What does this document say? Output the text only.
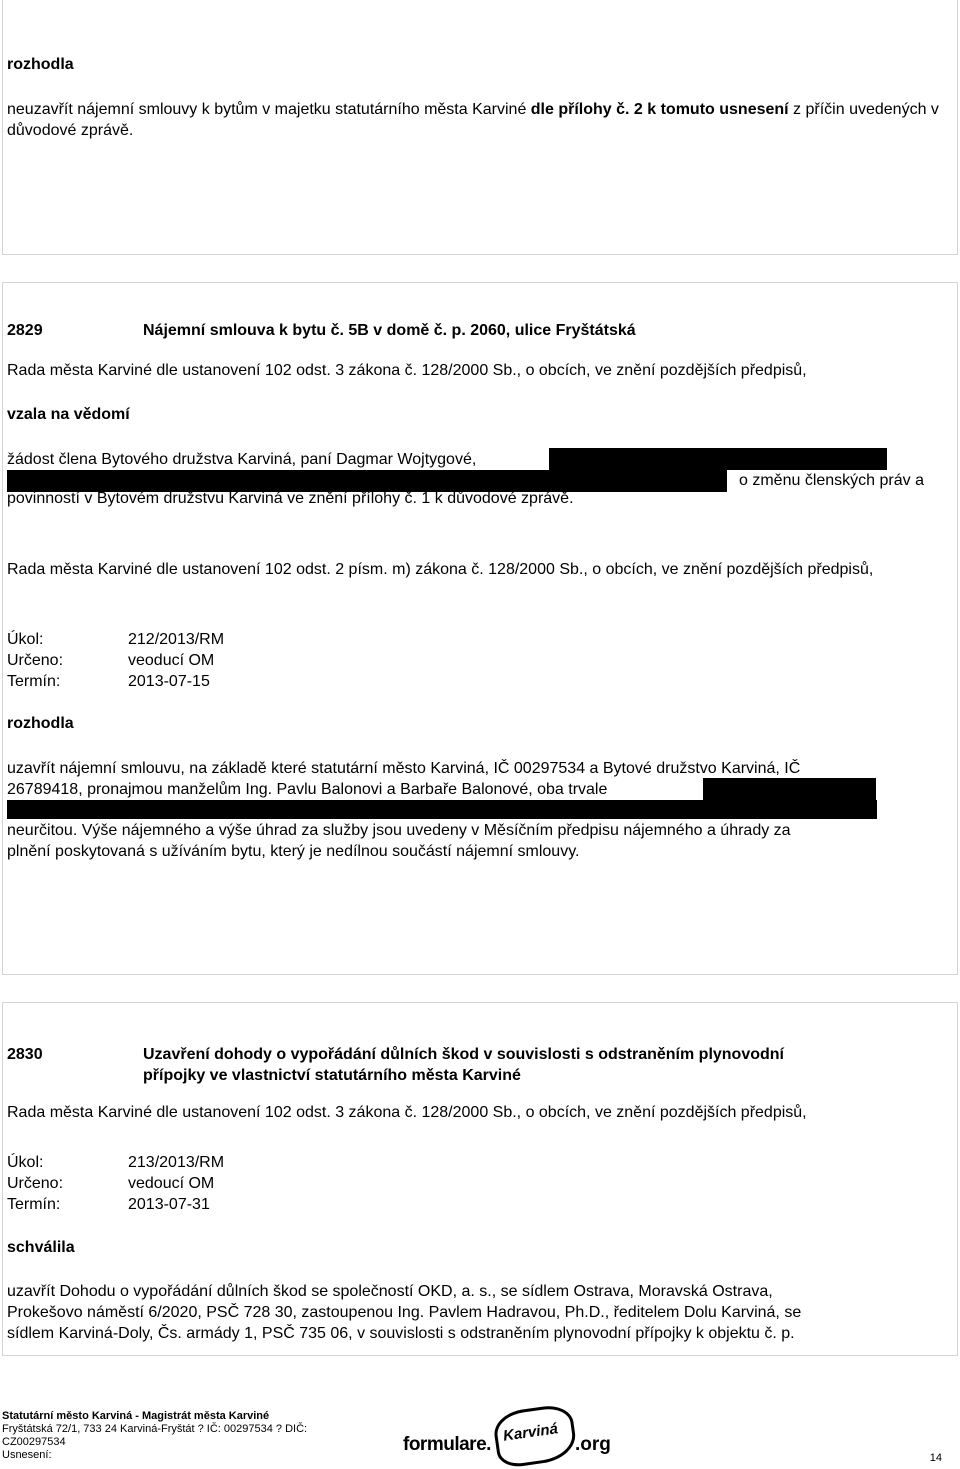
rozhodla

neuzavřít nájemní smlouvy k bytům v majetku statutárního města Karviné dle přílohy č. 2 k tomuto usnesení z příčin uvedených v důvodové zprávě.

2829	Nájemní smlouva k bytu č. 5B v domě č. p. 2060, ulice Fryštátská
Rada města Karviné dle ustanovení 102 odst. 3 zákona č. 128/2000 Sb., o obcích, ve znění pozdějších předpisů,
vzala na vědomí
žádost člena Bytového družstva Karviná, paní Dagmar Wojtygové,
o změnu členských práv a
povinností v Bytovém družstvu Karviná ve znění přílohy č. 1 k důvodové zprávě.

Rada města Karviné dle ustanovení 102 odst. 2 písm. m) zákona č. 128/2000 Sb., o obcích, ve znění pozdějších předpisů,

Úkol:	212/2013/RM
Určeno:	veoducí OM
Termín:	2013-07-15
rozhodla
uzavřít nájemní smlouvu, na základě které statutární město Karviná, IČ 00297534 a Bytové družstvo Karviná, IČ
26789418, pronajmou manželům Ing. Pavlu Balonovi a Barbaře Balonové, oba trvale
, s účinností od 15.07.2013 na dobu
neurčitou. Výše nájemného a výše úhrad za služby jsou uvedeny v Měsíčním předpisu nájemného a úhrady za
plnění poskytovaná s užíváním bytu, který je nedílnou součástí nájemní smlouvy.
2830	Uzavření dohody o vypořádání důlních škod v souvislosti s odstraněním plynovodní
přípojky ve vlastnictví statutárního města Karviné
Rada města Karviné dle ustanovení 102 odst. 3 zákona č. 128/2000 Sb., o obcích, ve znění pozdějších předpisů,
Úkol:	213/2013/RM
Určeno:	vedoucí OM
Termín:	2013-07-31
schválila
uzavřít Dohodu o vypořádání důlních škod se společností OKD, a. s., se sídlem Ostrava, Moravská Ostrava,
Prokešovo náměstí 6/2020, PSČ 728 30, zastoupenou Ing. Pavlem Hadravou, Ph.D., ředitelem Dolu Karviná, se
sídlem Karviná-Doly, Čs. armády 1, PSČ 735 06, v souvislosti s odstraněním plynovodní přípojky k objektu č. p.
Statutární město Karviná - Magistrát města Karviné
Fryštátská 72/1, 733 24 Karviná-Fryštát ? IČ: 00297534 ? DIČ:
CZ00297534
Usnesení:	formulare. Karviná .org
14
